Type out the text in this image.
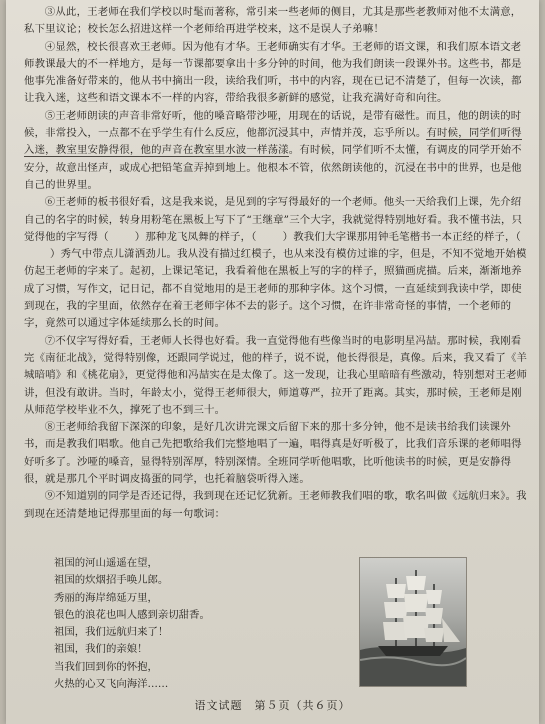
③从此，王老师在我们学校以时髦而著称，常引来一些老师的侧目，尤其是那些老教师对他不太满意，私下里议论；校长怎么招进这样一个老师给再进学校来，这不是误人子弟嘛！

④显然，校长很喜欢王老师。因为他有才华。王老师确实有才华。王老师的语文课，和我们原本语文老师教课最大的不一样地方，是每一节课都要拿出十多分钟的时间，他为我们朗读一段课外书。这些书，都是他事先准备好带来的，他从书中摘出一段，读给我们听，书中的内容，现在已记不清楚了，但每一次读，都让我入迷，这些和语文课本不一样的内容，带给我很多新鲜的感觉，让我充满好奇和向往。

⑤王老师朗读的声音非常好听，他的嗓音略带沙哑，用现在的话说，是带有磁性。而且，他的朗读的时候，非常投入，一点都不在乎学生有什么反应，他都沉浸其中，声情并茂，忘乎所以。有时候，同学们听得入迷，教室里安静得很，他的声音在教室里水波一样荡漾。有时候，同学们听不太懂，有调皮的同学开始不安分，故意出怪声，或成心把铅笔盒弄掉到地上。他根本不管，依然朗读他的，沉浸在书中的世界，也是他自己的世界里。

⑥王老师的板书很好看，这是我来说，是见到的字写得最好的一个老师。他头一天给我们上课，先介绍自己的名字的时候，转身用粉笔在黑板上写下了“王继章”三个大字，我就觉得特别地好看。我不懂书法，只觉得他的字写得（	）那种龙飞凤舞的样子，（	）教我们大字课那用钟毛笔楷书一本正经的样子，（）秀气中带点儿潇洒劲儿。我从没有描过红模子，也从来没有模仿过谁的字，但是，不知不觉地开始模仿起王老师的字来了。起初，上课记笔记，我看着他在黑板上写的字的样子，照猫画虎描。后来，渐渐地养成了习惯，写作文，记日记，都不自觉地用的是王老师的那种字体。这个习惯，一直延续到我读中学，即使到现在，我的字里面，依然存在着王老师字体不去的影子。这个习惯，在许非常奇怪的事情，一个老师的字，竟然可以通过字体延续那么长的时间。

⑦不仅字写得好看，王老师人长得也好看。我一直觉得他有些像当时的电影明星冯喆。那时候，我刚看完《南征北战》，觉得特别像，还跟同学说过，他的样子，说不说，他长得很是，真像。后来，我又看了《羊城暗哨》和《桃花扇》，更觉得他和冯喆实在是太像了。这一发现，让我心里暗暗有些激动，特别想对王老师讲，但没有敢讲。当时，年龄太小，觉得王老师很大，师道尊严，拉开了距离。其实，那时候，王老师是刚从师范学校毕业不久，撑死了也不到三十。

⑧王老师给我留下深深的印象，是好几次讲完课文后留下来的那十多分钟，他不是读书给我们读课外书，而是教我们唱歌。他自己先把歌给我们完整地唱了一遍，唱得真是好听极了，比我们音乐课的老师唱得好听多了。沙哑的嗓音，显得特别浑厚，特别深情。全班同学听他唱歌，比听他读书的时候，更是安静得很，就是那几个平时调皮捣蛋的同学，也托着脑袋听得入迷。

⑨不知道别的同学是否还记得，我到现在还记忆犹新。王老师教我们唱的歌，歌名叫做《远航归来》。我到现在还清楚地记得那里面的每一句歌词：

祖国的河山遥遥在望，
祖国的炊烟招手唤儿郎。
秀丽的海岸绵延万里，
银色的浪花也叫人感到亲切甜香。
祖国，我们远航归来了！
祖国，我们的亲娘！
当我们回到你的怀抱，
火热的心又飞向海洋……
语文试题　第５页（共６页）
